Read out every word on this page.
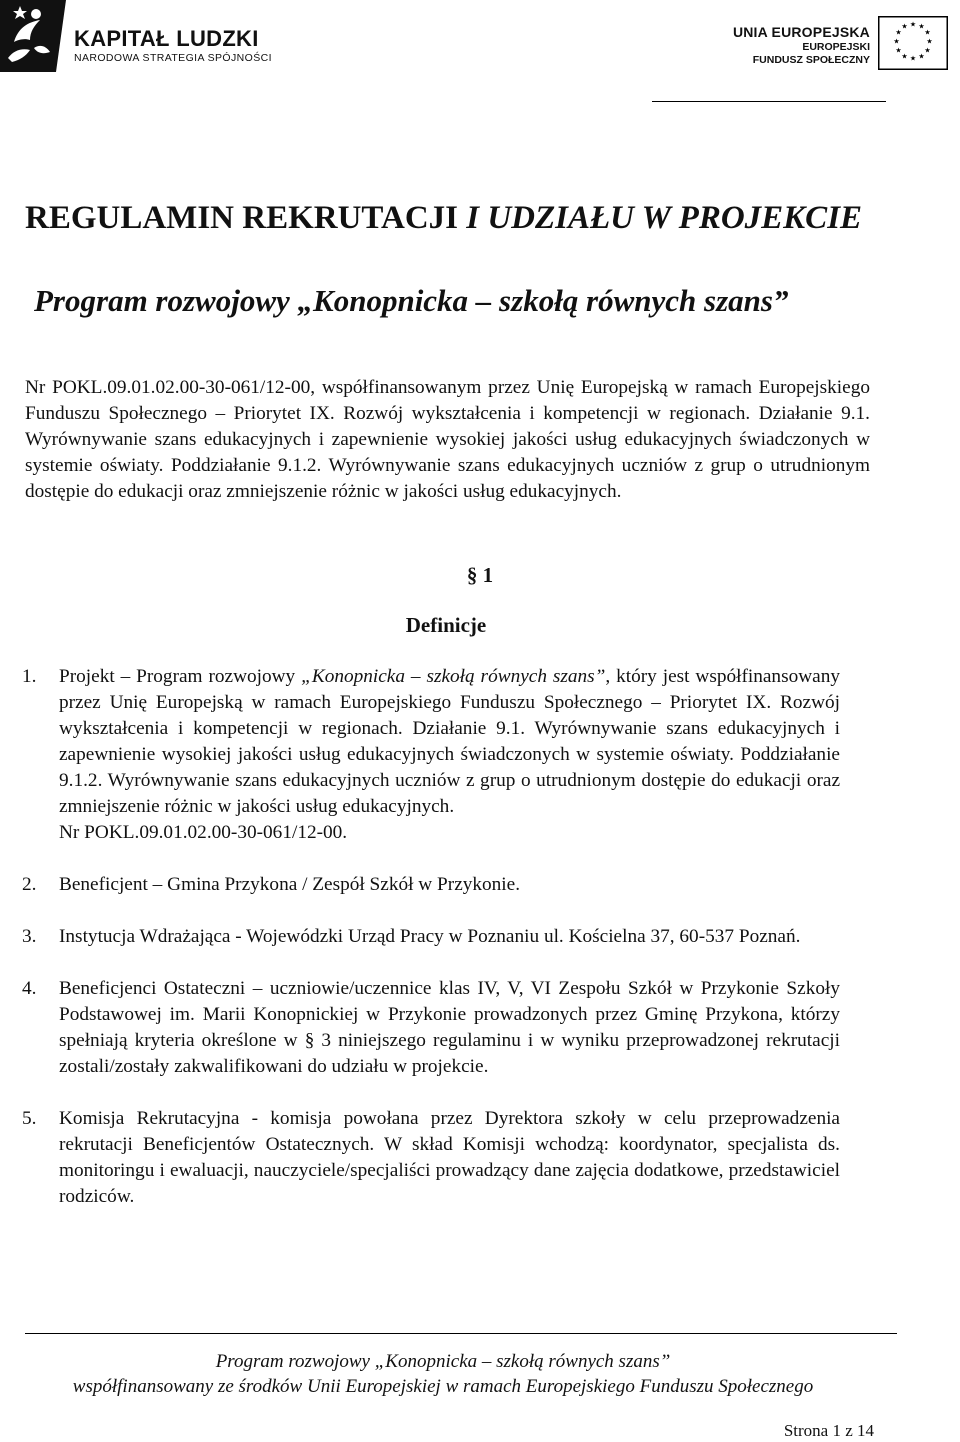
KAPITAŁ LUDZKI
NARODOWA STRATEGIA SPÓJNOŚCI
UNIA EUROPEJSKA
EUROPEJSKI
FUNDUSZ SPOŁECZNY
★ ★
★
★
★
★
★
★
★
★
★
★
REGULAMIN REKRUTACJI I UDZIAŁU W PROJEKCIE
Program rozwojowy „Konopnicka – szkołą równych szans”
Nr POKL.09.01.02.00-30-061/12-00, współfinansowanym przez Unię Europejską w ramach Europejskiego Funduszu Społecznego – Priorytet IX. Rozwój wykształcenia i kompetencji w regionach. Działanie 9.1. Wyrównywanie szans edukacyjnych i zapewnienie wysokiej jakości usług edukacyjnych świadczonych w systemie oświaty. Poddziałanie 9.1.2. Wyrównywanie szans edukacyjnych uczniów z grup o utrudnionym dostępie do edukacji oraz zmniejszenie różnic w jakości usług edukacyjnych.
§ 1
Definicje
1. Projekt – Program rozwojowy „Konopnicka – szkołą równych szans”, który jest współfinansowany przez Unię Europejską w ramach Europejskiego Funduszu Społecznego – Priorytet IX. Rozwój wykształcenia i kompetencji w regionach. Działanie 9.1. Wyrównywanie szans edukacyjnych i zapewnienie wysokiej jakości usług edukacyjnych świadczonych w systemie oświaty. Poddziałanie 9.1.2. Wyrównywanie szans edukacyjnych uczniów z grup o utrudnionym dostępie do edukacji oraz zmniejszenie różnic w jakości usług edukacyjnych.
Nr POKL.09.01.02.00-30-061/12-00.
2. Beneficjent – Gmina Przykona / Zespół Szkół w Przykonie.
3. Instytucja Wdrażająca - Wojewódzki Urząd Pracy w Poznaniu ul. Kościelna 37, 60-537 Poznań.
4. Beneficjenci Ostateczni – uczniowie/uczennice klas IV, V, VI Zespołu Szkół w Przykonie Szkoły Podstawowej im. Marii Konopnickiej w Przykonie prowadzonych przez Gminę Przykona, którzy spełniają kryteria określone w § 3 niniejszego regulaminu i w wyniku przeprowadzonej rekrutacji zostali/zostały zakwalifikowani do udziału w projekcie.
5. Komisja Rekrutacyjna - komisja powołana przez Dyrektora szkoły w celu przeprowadzenia rekrutacji Beneficjentów Ostatecznych. W skład Komisji wchodzą: koordynator, specjalista ds. monitoringu i ewaluacji, nauczyciele/specjaliści prowadzący dane zajęcia dodatkowe, przedstawiciel rodziców.
Program rozwojowy „Konopnicka – szkołą równych szans”
współfinansowany ze środków Unii Europejskiej w ramach Europejskiego Funduszu Społecznego
Strona 1 z 14
